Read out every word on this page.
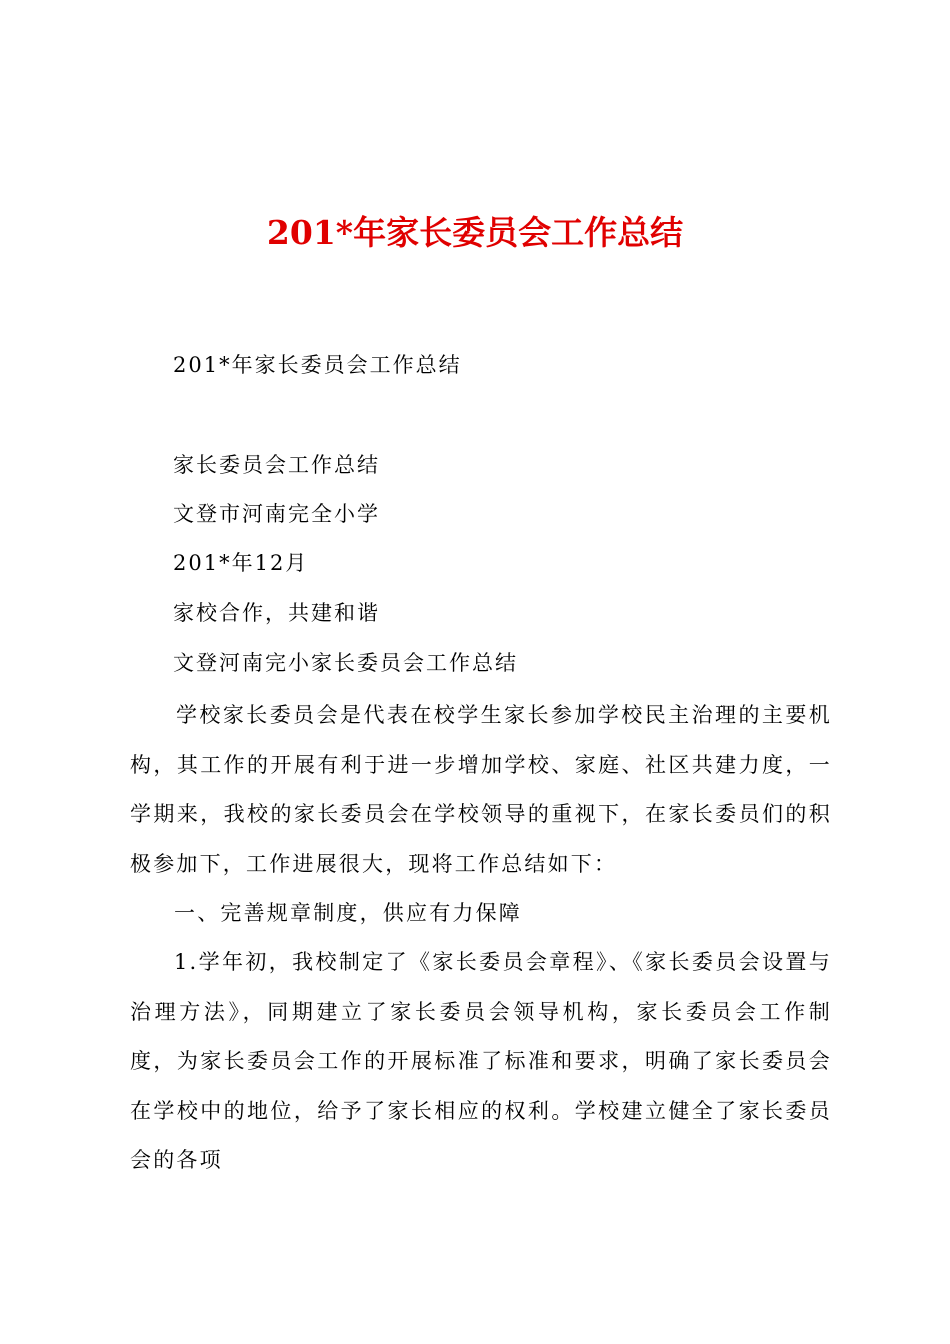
201*年家长委员会工作总结

201*年家长委员会工作总结

家长委员会工作总结

文登市河南完全小学

201*年12月

家校合作，共建和谐

文登河南完小家长委员会工作总结

学校家长委员会是代表在校学生家长参加学校民主治理的主要机构，其工作的开展有利于进一步增加学校、家庭、社区共建力度，一学期来，我校的家长委员会在学校领导的重视下，在家长委员们的积极参加下，工作进展很大，现将工作总结如下：

一、完善规章制度，供应有力保障

1.学年初，我校制定了《家长委员会章程》、《家长委员会设置与治理方法》，同期建立了家长委员会领导机构，家长委员会工作制度，为家长委员会工作的开展标准了标准和要求，明确了家长委员会在学校中的地位，给予了家长相应的权利。学校建立健全了家长委员会的各项
